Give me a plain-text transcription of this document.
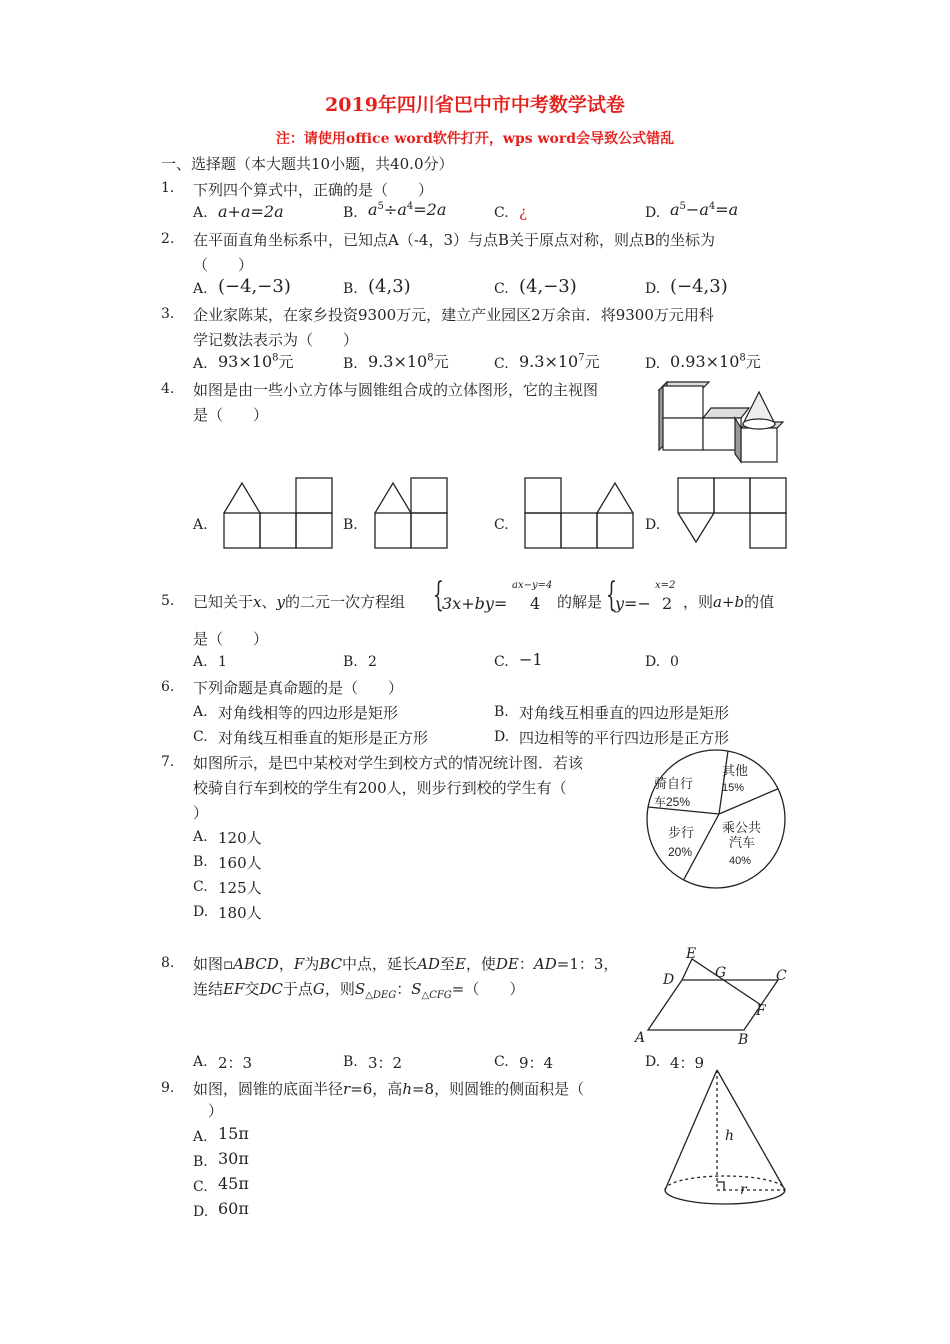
2019年四川省巴中市中考数学试卷
注：请使用office word软件打开，wps word会导致公式错乱
一、选择题（本大题共10小题，共40.0分）
1. 下列四个算式中，正确的是（　　）
A. a+a=2a	B. $a^5\div a^4=2a$	C. ¿	D. $a^5-a^4=a$
2. 在平面直角坐标系中，已知点A（-4，3）与点B关于原点对称，则点B的坐标为
（　　）
A. (−4,−3)	B. (4,3)	C. (4,−3)	D. (−4,3)
3. 企业家陈某，在家乡投资9300万元，建立产业园区2万余亩．将9300万元用科
学记数法表示为（　　）
A. $93\times 10^8$元	B. $9.3\times 10^8$元	C. $9.3\times 10^7$元	D. $0.93\times 10^8$元
4. 如图是由一些小立方体与圆锥组合成的立体图形，它的主视图
是（　　）
A.	B.	C.	D.
5. 已知关于x、y的二元一次方程组 {	ax−y=4
3x+by= 4 的解是 {	x=2
y=− 2 ，则a+b的值
是（　　）
A. 1	B. 2	C. −1	D. 0
6. 下列命题是真命题的是（　　）
A. 对角线相等的四边形是矩形	B. 对角线互相垂直的四边形是矩形
C. 对角线互相垂直的矩形是正方形	D. 四边相等的平行四边形是正方形
7. 如图所示，是巴中某校对学生到校方式的情况统计图．若该
校骑自行车到校的学生有200人，则步行到校的学生有（
）
A. 120人
B. 160人
C. 125人
D. 180人
其他
15%
乘公共
汽车
40%
步行
20%
骑自行
车25%
8. 如图▫ABCD，F为BC中点，延长AD至E，使DE：AD=1：3，
连结EF交DC于点G，则$S_{\triangle DEG}$：$S_{\triangle CFG}=$（　　）
A. 2：3	B. 3：2	C. 9：4	D. 4：9
E
G	C
D
F
A	B
9. 如图，圆锥的底面半径r=6，高h=8，则圆锥的侧面积是（
）
A. 15π
B. 30π
C. 45π
D. 60π
h
r
